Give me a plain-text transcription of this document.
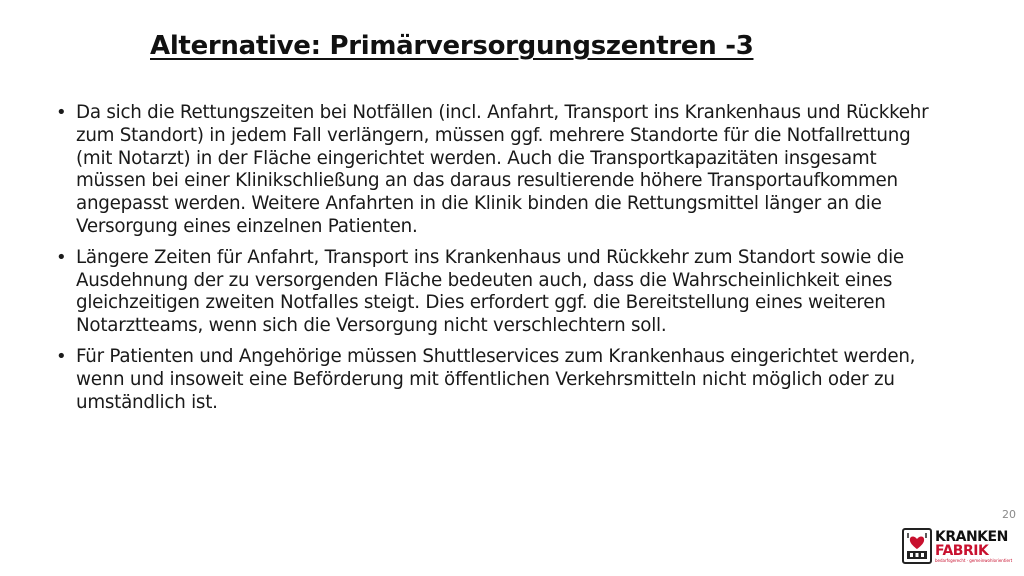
Alternative: Primärversorgungszentren -3
• Da sich die Rettungszeiten bei Notfällen (incl. Anfahrt, Transport ins Krankenhaus und Rückkehr zum Standort) in jedem Fall verlängern, müssen ggf. mehrere Standorte für die Notfallrettung (mit Notarzt) in der Fläche eingerichtet werden. Auch die Transportkapazitäten insgesamt müssen bei einer Klinikschließung an das daraus resultierende höhere Transportaufkommen angepasst werden. Weitere Anfahrten in die Klinik binden die Rettungsmittel länger an die Versorgung eines einzelnen Patienten.
• Längere Zeiten für Anfahrt, Transport ins Krankenhaus und Rückkehr zum Standort sowie die Ausdehnung der zu versorgenden Fläche bedeuten auch, dass die Wahrscheinlichkeit eines gleichzeitigen zweiten Notfalles steigt. Dies erfordert ggf. die Bereitstellung eines weiteren Notarztteams, wenn sich die Versorgung nicht verschlechtern soll.
• Für Patienten und Angehörige müssen Shuttleservices zum Krankenhaus eingerichtet werden, wenn und insoweit eine Beförderung mit öffentlichen Verkehrsmitteln nicht möglich oder zu umständlich ist.
20
KRANKEN
FABRIK
bedarfsgerecht · gemeinwohlorientiert
